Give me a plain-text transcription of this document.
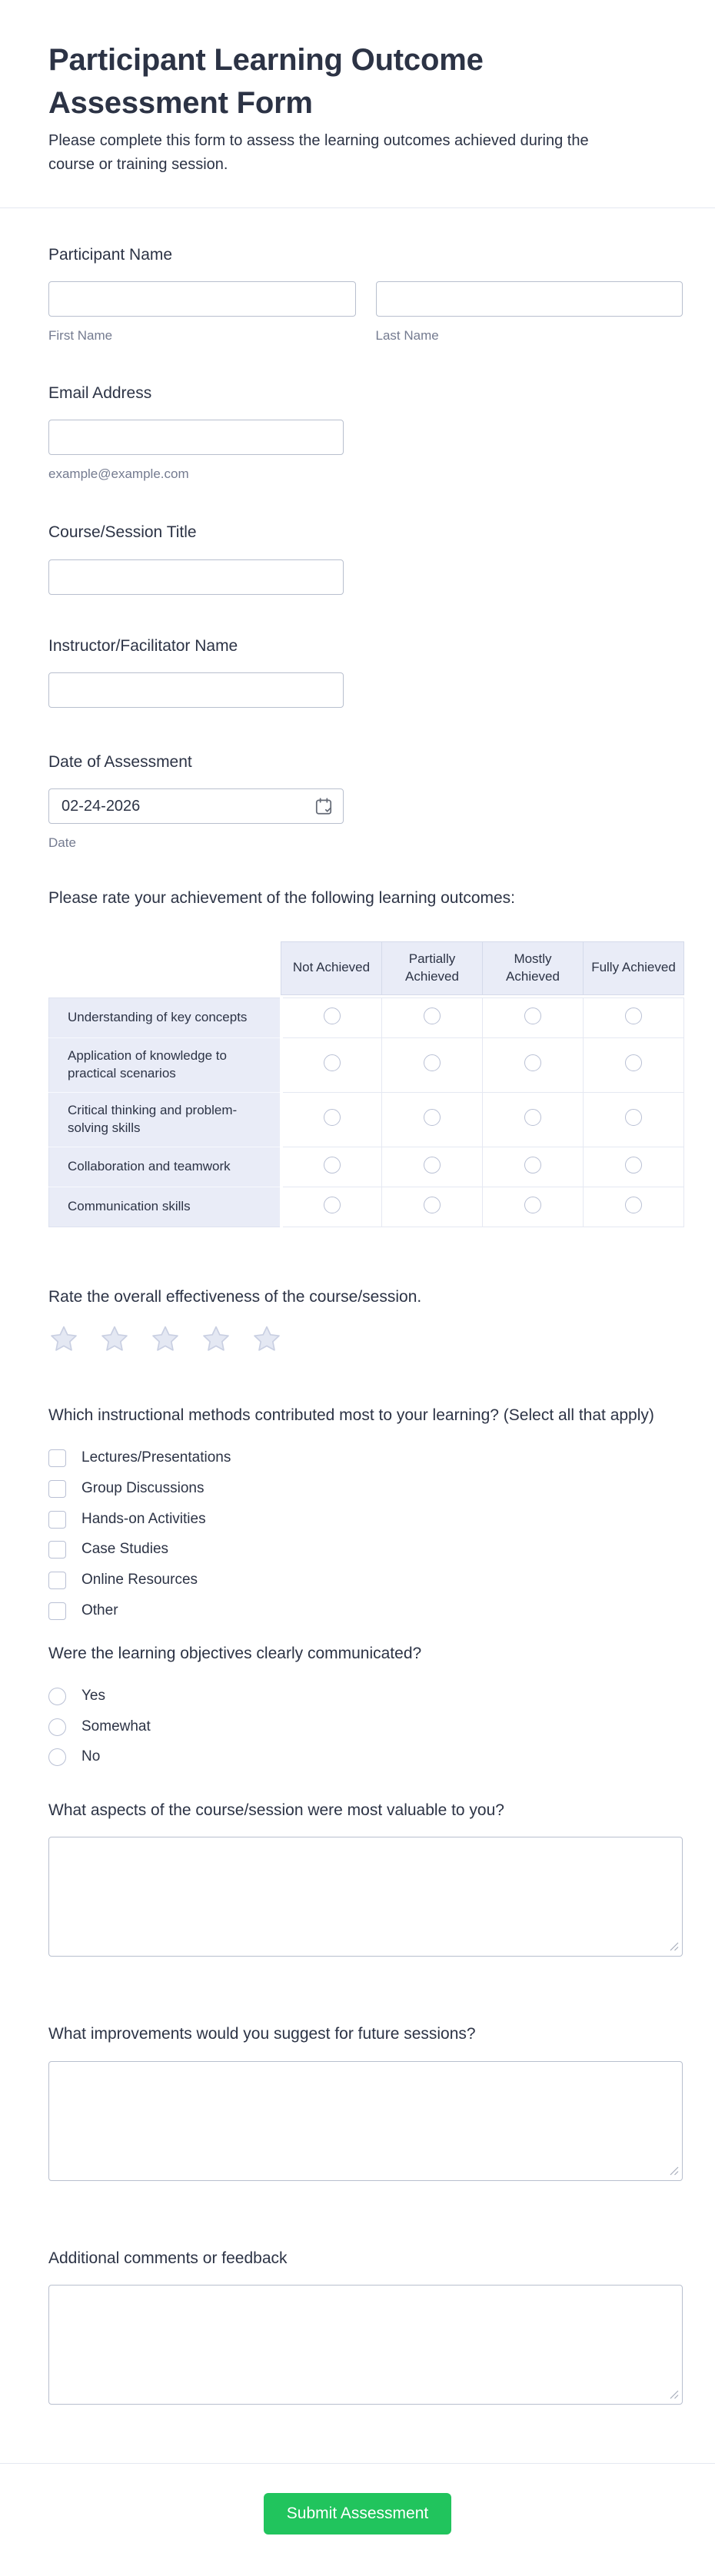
Participant Learning Outcome Assessment Form

Please complete this form to assess the learning outcomes achieved during the course or training session.

Participant Name
First Name	Last Name
Email Address
example@example.com
Course/Session Title
Instructor/Facilitator Name
Date of Assessment
02-24-2026
Date
Please rate your achievement of the following learning outcomes:
	Not Achieved	Partially Achieved	Mostly Achieved	Fully Achieved

Understanding of key concepts				
Application of knowledge to practical scenarios				
Critical thinking and problem-solving skills				
Collaboration and teamwork				
Communication skills				
Rate the overall effectiveness of the course/session.
Which instructional methods contributed most to your learning? (Select all that apply)
Lectures/Presentations
Group Discussions
Hands-on Activities
Case Studies
Online Resources
Other
Were the learning objectives clearly communicated?
Yes
Somewhat
No
What aspects of the course/session were most valuable to you?
What improvements would you suggest for future sessions?
Additional comments or feedback
Submit Assessment
